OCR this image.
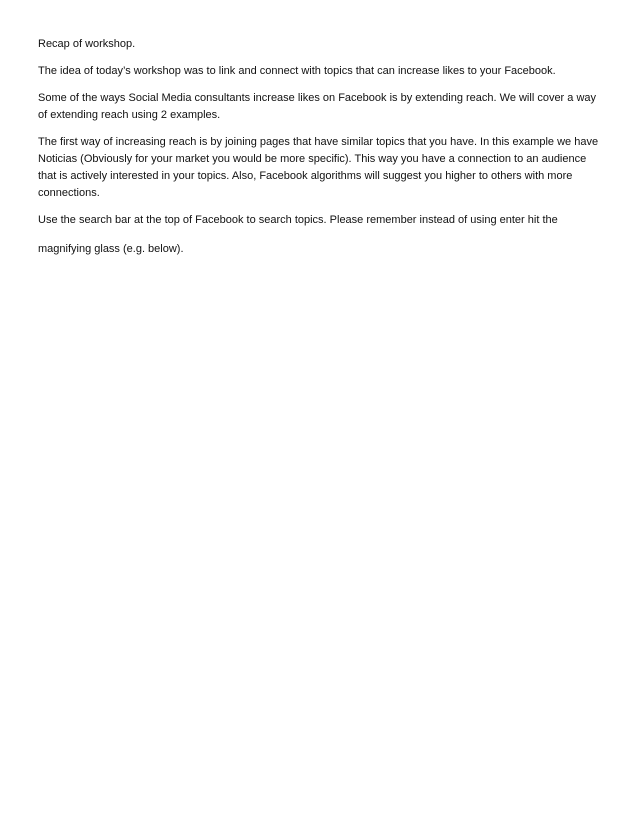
Recap of workshop.

The idea of today’s workshop was to link and connect with topics that can increase likes to your Facebook.

Some of the ways Social Media consultants increase likes on Facebook is by extending reach. We will cover a way of extending reach using 2 examples.

The first way of increasing reach is by joining pages that have similar topics that you have. In this example we have Noticias (Obviously for your market you would be more specific). This way you have a connection to an audience that is actively interested in your topics. Also, Facebook algorithms will suggest you higher to others with more connections.

Use the search bar at the top of Facebook to search topics. Please remember instead of using enter hit the magnifying glass (e.g. below).
